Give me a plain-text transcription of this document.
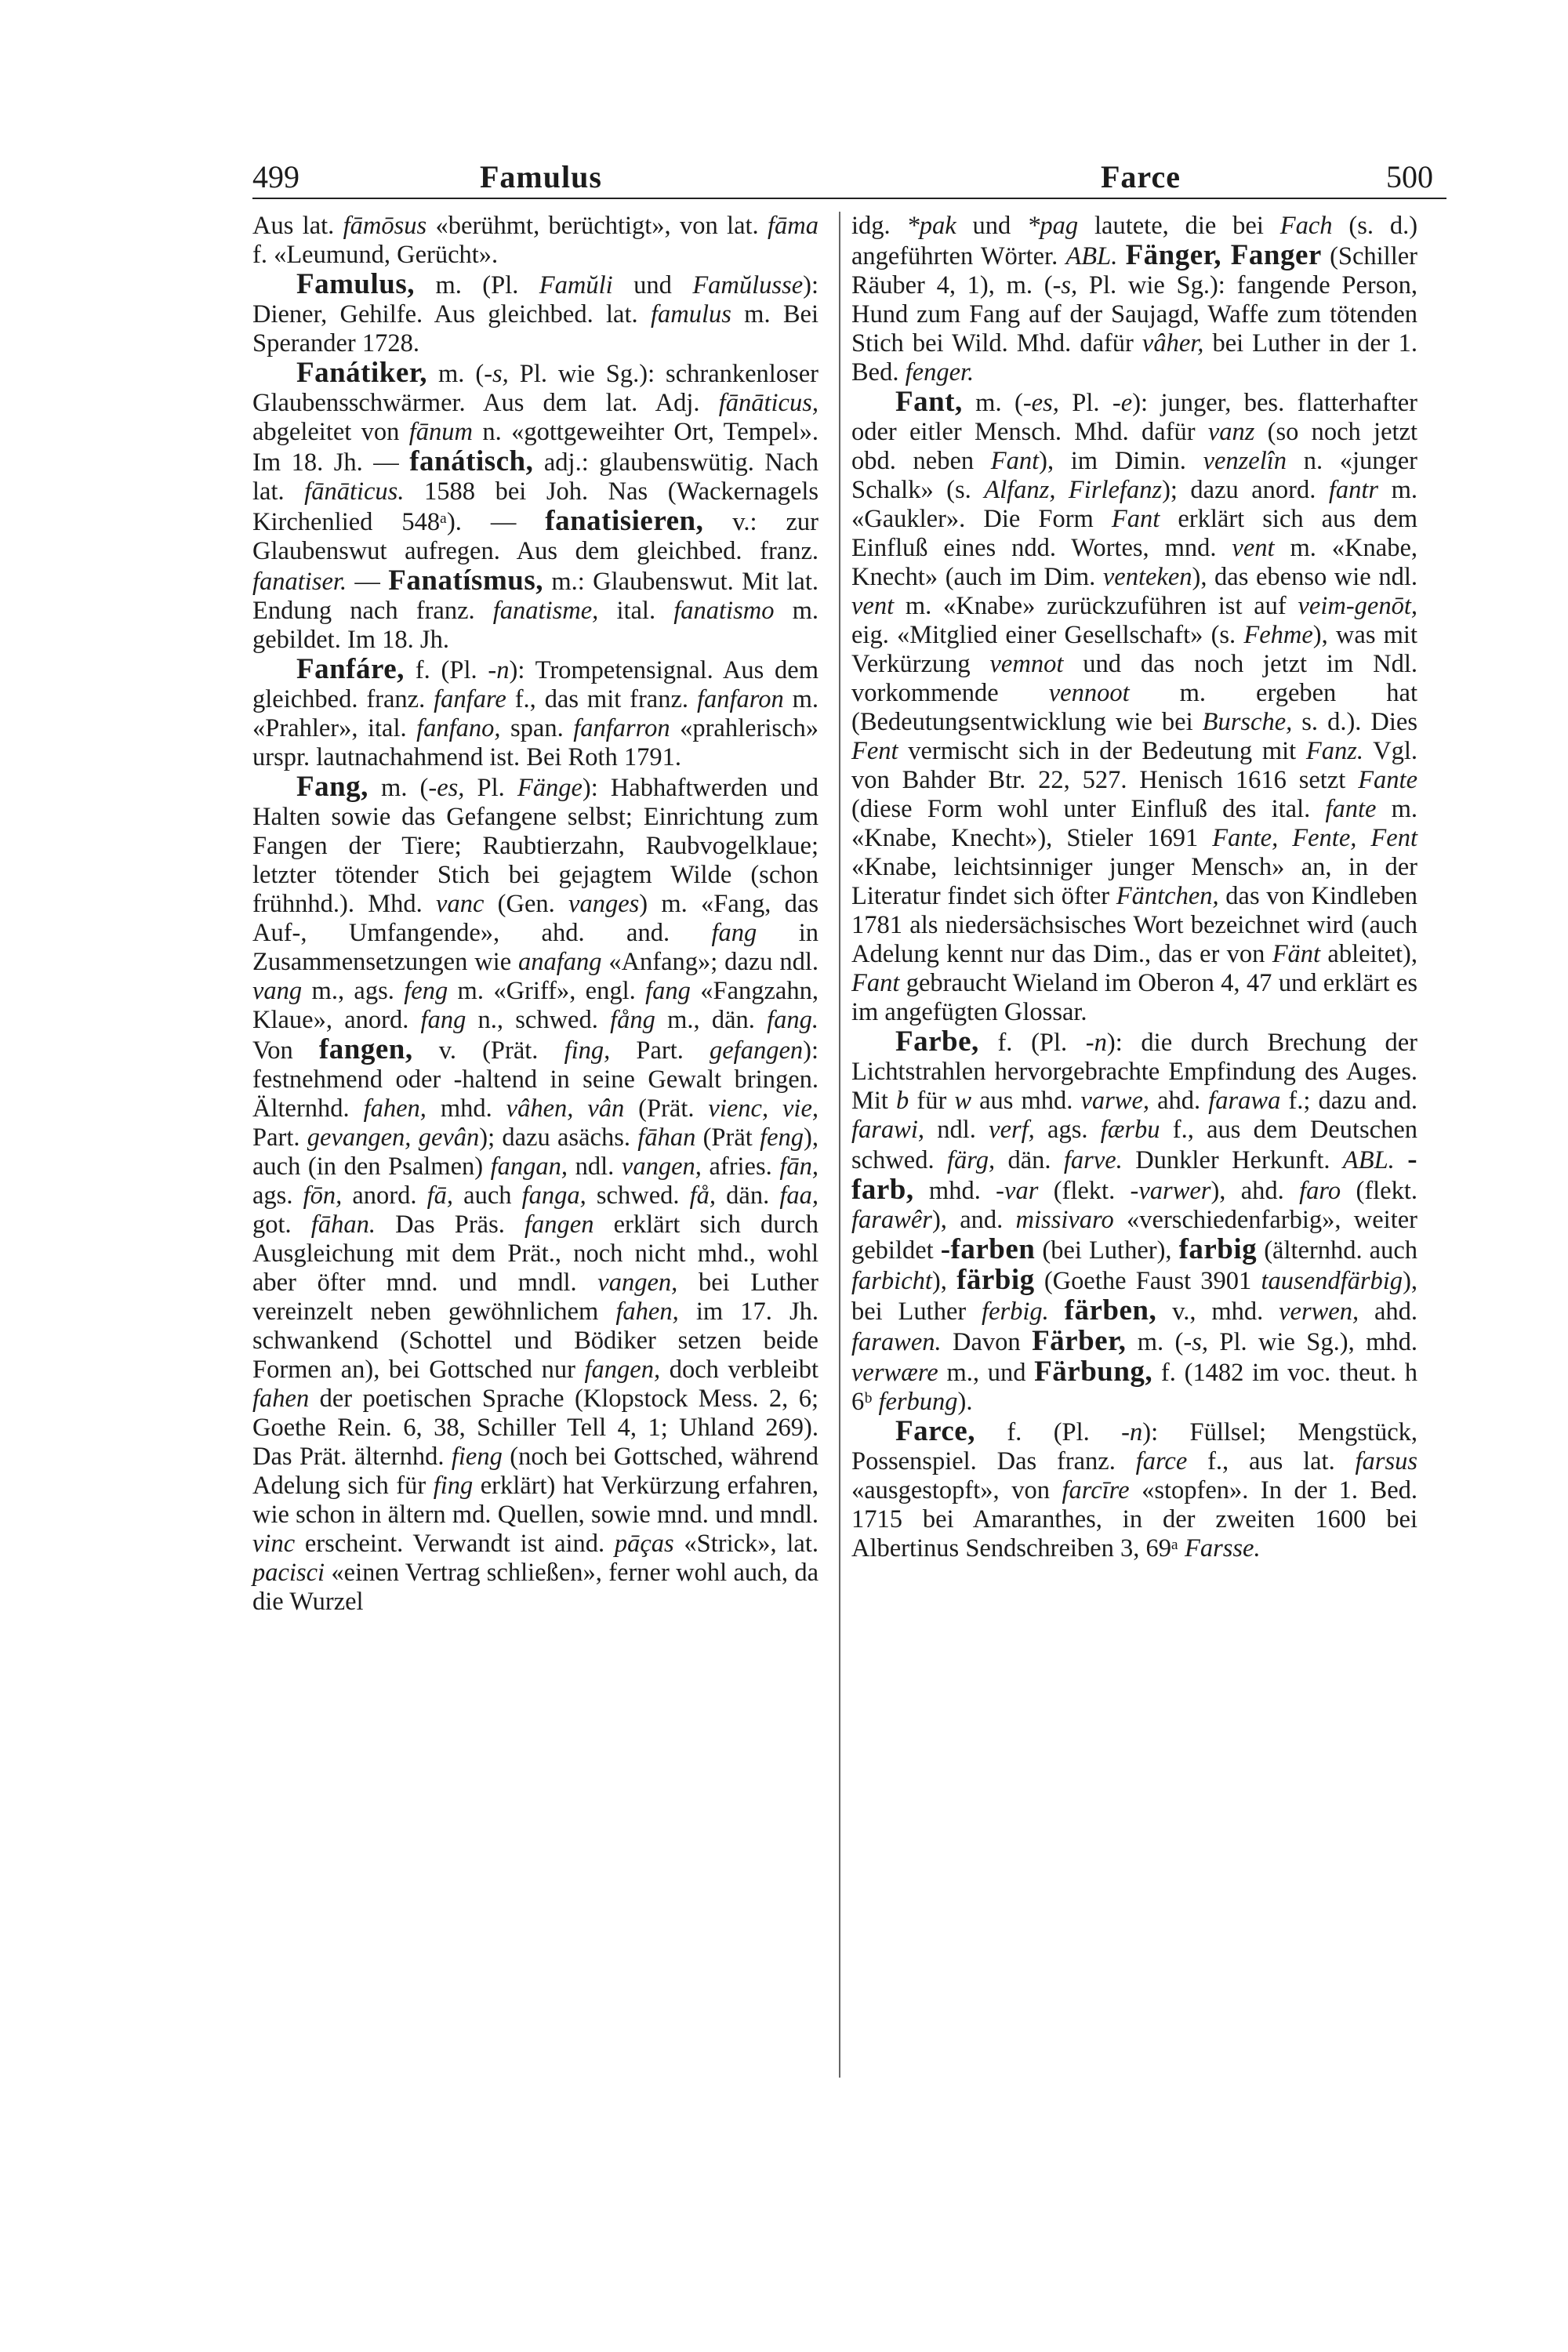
499	Famulus	Farce	500

Aus lat. fāmōsus «berühmt, berüchtigt», von lat. fāma f. «Leumund, Gerücht».

Famulus, m. (Pl. Famŭli und Famŭlusse): Diener, Gehilfe. Aus gleichbed. lat. famulus m. Bei Sperander 1728.

Fanátiker, m. (-s, Pl. wie Sg.): schrankenloser Glaubensschwärmer. Aus dem lat. Adj. fānāticus, abgeleitet von fānum n. «gottgeweihter Ort, Tempel». Im 18. Jh. — fanátisch, adj.: glaubenswütig. Nach lat. fānāticus. 1588 bei Joh. Nas (Wackernagels Kirchenlied 548ᵃ). — fanatisieren, v.: zur Glaubenswut aufregen. Aus dem gleichbed. franz. fanatiser. — Fanatísmus, m.: Glaubenswut. Mit lat. Endung nach franz. fanatisme, ital. fanatismo m. gebildet. Im 18. Jh.

Fanfáre, f. (Pl. -n): Trompetensignal. Aus dem gleichbed. franz. fanfare f., das mit franz. fanfaron m. «Prahler», ital. fanfano, span. fanfarron «prahlerisch» urspr. lautnachahmend ist. Bei Roth 1791.

Fang, m. (-es, Pl. Fänge): Habhaftwerden und Halten sowie das Gefangene selbst; Einrichtung zum Fangen der Tiere; Raubtierzahn, Raubvogelklaue; letzter tötender Stich bei gejagtem Wilde (schon frühnhd.). Mhd. vanc (Gen. vanges) m. «Fang, das Auf-, Umfangende», ahd. and. fang in Zusammensetzungen wie anafang «Anfang»; dazu ndl. vang m., ags. feng m. «Griff», engl. fang «Fangzahn, Klaue», anord. fang n., schwed. fång m., dän. fang. Von fangen, v. (Prät. fing, Part. gefangen): festnehmend oder -haltend in seine Gewalt bringen. Älternhd. fahen, mhd. vâhen, vân (Prät. vienc, vie, Part. gevangen, gevân); dazu asächs. fāhan (Prät feng), auch (in den Psalmen) fangan, ndl. vangen, afries. fān, ags. fōn, anord. fā, auch fanga, schwed. få, dän. faa, got. fāhan. Das Präs. fangen erklärt sich durch Ausgleichung mit dem Prät., noch nicht mhd., wohl aber öfter mnd. und mndl. vangen, bei Luther vereinzelt neben gewöhnlichem fahen, im 17. Jh. schwankend (Schottel und Bödiker setzen beide Formen an), bei Gottsched nur fangen, doch verbleibt fahen der poetischen Sprache (Klopstock Mess. 2, 6; Goethe Rein. 6, 38, Schiller Tell 4, 1; Uhland 269). Das Prät. älternhd. fieng (noch bei Gottsched, während Adelung sich für fing erklärt) hat Verkürzung erfahren, wie schon in ältern md. Quellen, sowie mnd. und mndl. vinc erscheint. Verwandt ist aind. pāças «Strick», lat. pacisci «einen Vertrag schließen», ferner wohl auch, da die Wurzel

idg. *pak und *pag lautete, die bei Fach (s. d.) angeführten Wörter. ABL. Fänger, Fanger (Schiller Räuber 4, 1), m. (-s, Pl. wie Sg.): fangende Person, Hund zum Fang auf der Saujagd, Waffe zum tötenden Stich bei Wild. Mhd. dafür vâher, bei Luther in der 1. Bed. fenger.

Fant, m. (-es, Pl. -e): junger, bes. flatterhafter oder eitler Mensch. Mhd. dafür vanz (so noch jetzt obd. neben Fant), im Dimin. venzelîn n. «junger Schalk» (s. Alfanz, Firlefanz); dazu anord. fantr m. «Gaukler». Die Form Fant erklärt sich aus dem Einfluß eines ndd. Wortes, mnd. vent m. «Knabe, Knecht» (auch im Dim. venteken), das ebenso wie ndl. vent m. «Knabe» zurückzuführen ist auf veim-genōt, eig. «Mitglied einer Gesellschaft» (s. Fehme), was mit Verkürzung vemnot und das noch jetzt im Ndl. vorkommende vennoot m. ergeben hat (Bedeutungsentwicklung wie bei Bursche, s. d.). Dies Fent vermischt sich in der Bedeutung mit Fanz. Vgl. von Bahder Btr. 22, 527. Henisch 1616 setzt Fante (diese Form wohl unter Einfluß des ital. fante m. «Knabe, Knecht»), Stieler 1691 Fante, Fente, Fent «Knabe, leichtsinniger junger Mensch» an, in der Literatur findet sich öfter Fäntchen, das von Kindleben 1781 als niedersächsisches Wort bezeichnet wird (auch Adelung kennt nur das Dim., das er von Fänt ableitet), Fant gebraucht Wieland im Oberon 4, 47 und erklärt es im angefügten Glossar.

Farbe, f. (Pl. -n): die durch Brechung der Lichtstrahlen hervorgebrachte Empfindung des Auges. Mit b für w aus mhd. varwe, ahd. farawa f.; dazu and. farawi, ndl. verf, ags. færbu f., aus dem Deutschen schwed. färg, dän. farve. Dunkler Herkunft. ABL. -farb, mhd. -var (flekt. -varwer), ahd. faro (flekt. farawêr), and. missivaro «verschiedenfarbig», weiter gebildet -farben (bei Luther), farbig (älternhd. auch farbicht), färbig (Goethe Faust 3901 tausendfärbig), bei Luther ferbig. färben, v., mhd. verwen, ahd. farawen. Davon Färber, m. (-s, Pl. wie Sg.), mhd. verwære m., und Färbung, f. (1482 im voc. theut. h 6ᵇ ferbung).

Farce, f. (Pl. -n): Füllsel; Mengstück, Possenspiel. Das franz. farce f., aus lat. farsus «ausgestopft», von farcīre «stopfen». In der 1. Bed. 1715 bei Amaranthes, in der zweiten 1600 bei Albertinus Sendschreiben 3, 69ᵃ Farsse.
